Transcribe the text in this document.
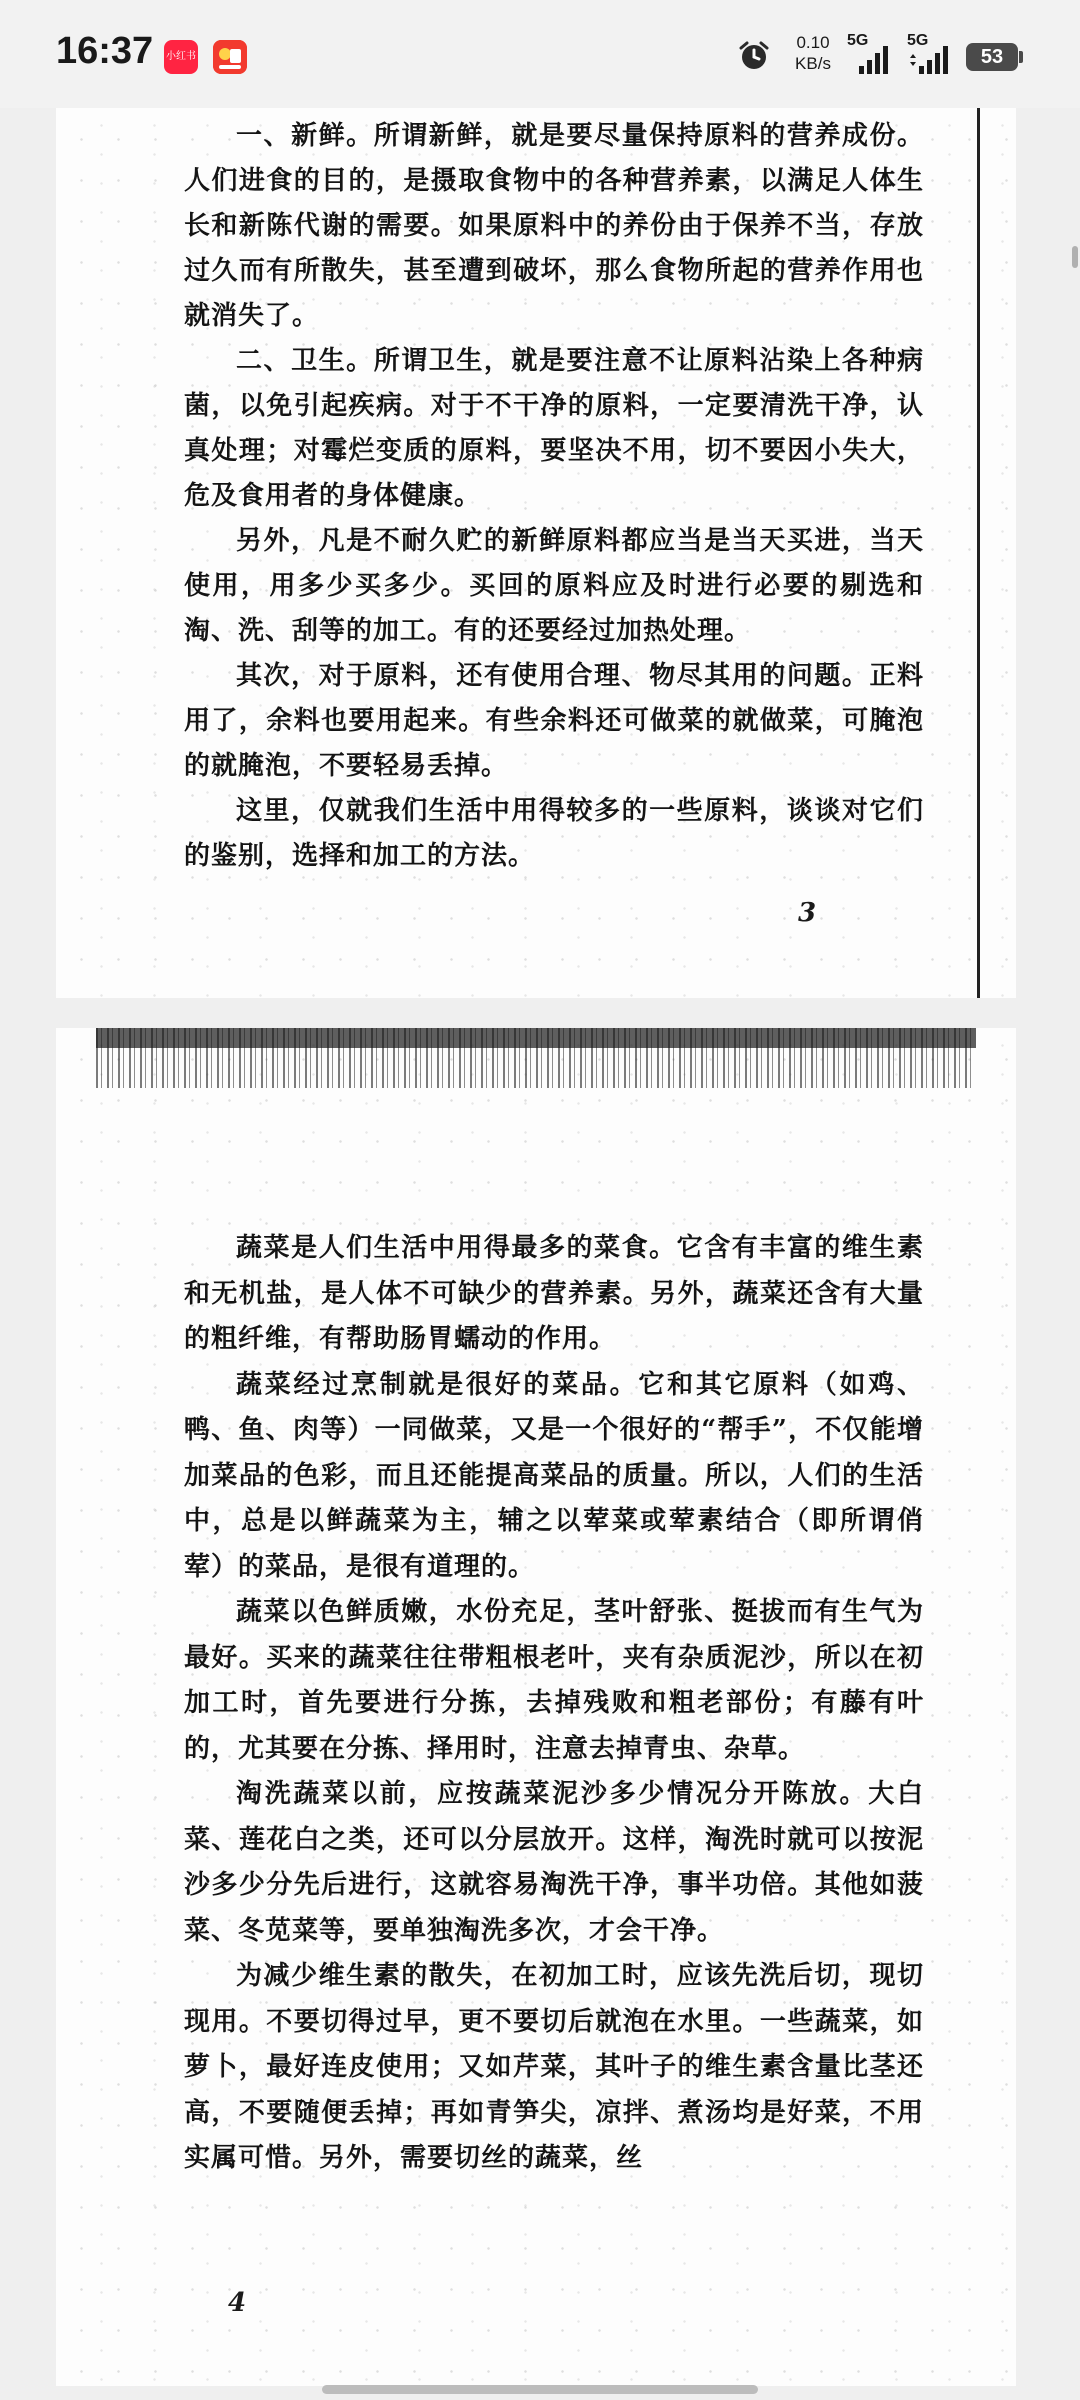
16:37 小红书
0.10
KB/s
5G 5G
53

一、新鲜。所谓新鲜，就是要尽量保持原料的营养成份。人们进食的目的，是摄取食物中的各种营养素，以满足人体生长和新陈代谢的需要。如果原料中的养份由于保养不当，存放过久而有所散失，甚至遭到破坏，那么食物所起的营养作用也就消失了。

二、卫生。所谓卫生，就是要注意不让原料沾染上各种病菌，以免引起疾病。对于不干净的原料，一定要清洗干净，认真处理；对霉烂变质的原料，要坚决不用，切不要因小失大，危及食用者的身体健康。

另外，凡是不耐久贮的新鲜原料都应当是当天买进，当天使用，用多少买多少。买回的原料应及时进行必要的剔选和淘、洗、刮等的加工。有的还要经过加热处理。

其次，对于原料，还有使用合理、物尽其用的问题。正料用了，余料也要用起来。有些余料还可做菜的就做菜，可腌泡的就腌泡，不要轻易丢掉。

这里，仅就我们生活中用得较多的一些原料，谈谈对它们的鉴别，选择和加工的方法。

3

蔬菜是人们生活中用得最多的菜食。它含有丰富的维生素和无机盐，是人体不可缺少的营养素。另外，蔬菜还含有大量的粗纤维，有帮助肠胃蠕动的作用。

蔬菜经过烹制就是很好的菜品。它和其它原料（如鸡、鸭、鱼、肉等）一同做菜，又是一个很好的“帮手”，不仅能增加菜品的色彩，而且还能提高菜品的质量。所以，人们的生活中，总是以鲜蔬菜为主，辅之以荤菜或荤素结合（即所谓俏荤）的菜品，是很有道理的。

蔬菜以色鲜质嫩，水份充足，茎叶舒张、挺拔而有生气为最好。买来的蔬菜往往带粗根老叶，夹有杂质泥沙，所以在初加工时，首先要进行分拣，去掉残败和粗老部份；有藤有叶的，尤其要在分拣、择用时，注意去掉青虫、杂草。

淘洗蔬菜以前，应按蔬菜泥沙多少情况分开陈放。大白菜、莲花白之类，还可以分层放开。这样，淘洗时就可以按泥沙多少分先后进行，这就容易淘洗干净，事半功倍。其他如菠菜、冬苋菜等，要单独淘洗多次，才会干净。

为减少维生素的散失，在初加工时，应该先洗后切，现切现用。不要切得过早，更不要切后就泡在水里。一些蔬菜，如萝卜，最好连皮使用；又如芹菜，其叶子的维生素含量比茎还高，不要随便丢掉；再如青笋尖，凉拌、煮汤均是好菜，不用实属可惜。另外，需要切丝的蔬菜，丝

4
